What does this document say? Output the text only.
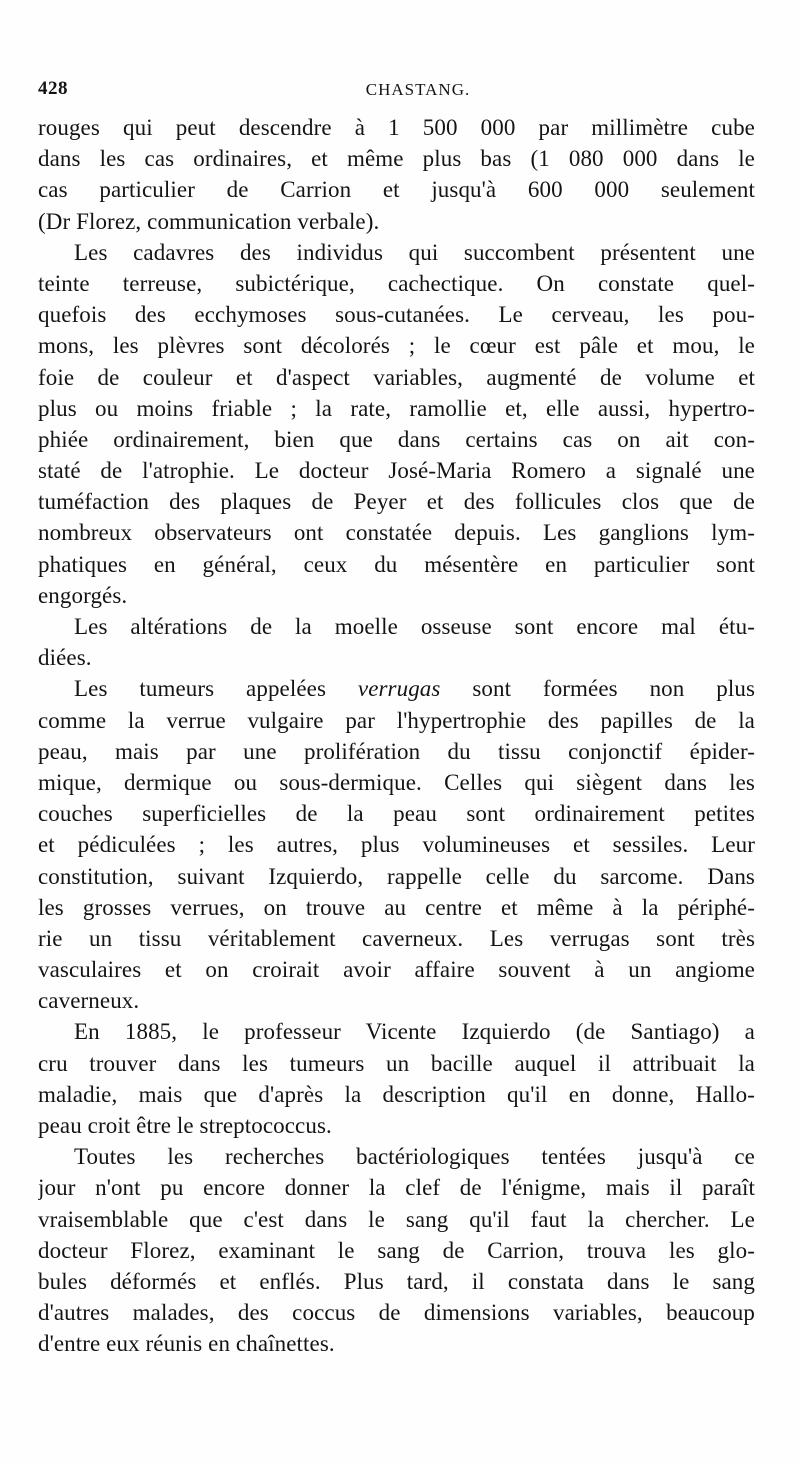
428	CHASTANG.
rouges qui peut descendre à 1 500 000 par millimètre cube
dans les cas ordinaires, et même plus bas (1 080 000 dans le
cas particulier de Carrion et jusqu'à 600 000 seulement
(Dr Florez, communication verbale).
Les cadavres des individus qui succombent présentent une
teinte terreuse, subictérique, cachectique. On constate quel-
quefois des ecchymoses sous-cutanées. Le cerveau, les pou-
mons, les plèvres sont décolorés ; le cœur est pâle et mou, le
foie de couleur et d'aspect variables, augmenté de volume et
plus ou moins friable ; la rate, ramollie et, elle aussi, hypertro-
phiée ordinairement, bien que dans certains cas on ait con-
staté de l'atrophie. Le docteur José-Maria Romero a signalé une
tuméfaction des plaques de Peyer et des follicules clos que de
nombreux observateurs ont constatée depuis. Les ganglions lym-
phatiques en général, ceux du mésentère en particulier sont
engorgés.
Les altérations de la moelle osseuse sont encore mal étu-
diées.
Les tumeurs appelées verrugas sont formées non plus
comme la verrue vulgaire par l'hypertrophie des papilles de la
peau, mais par une prolifération du tissu conjonctif épider-
mique, dermique ou sous-dermique. Celles qui siègent dans les
couches superficielles de la peau sont ordinairement petites
et pédiculées ; les autres, plus volumineuses et sessiles. Leur
constitution, suivant Izquierdo, rappelle celle du sarcome. Dans
les grosses verrues, on trouve au centre et même à la périphé-
rie un tissu véritablement caverneux. Les verrugas sont très
vasculaires et on croirait avoir affaire souvent à un angiome
caverneux.
En 1885, le professeur Vicente Izquierdo (de Santiago) a
cru trouver dans les tumeurs un bacille auquel il attribuait la
maladie, mais que d'après la description qu'il en donne, Hallo-
peau croit être le streptococcus.
Toutes les recherches bactériologiques tentées jusqu'à ce
jour n'ont pu encore donner la clef de l'énigme, mais il paraît
vraisemblable que c'est dans le sang qu'il faut la chercher. Le
docteur Florez, examinant le sang de Carrion, trouva les glo-
bules déformés et enflés. Plus tard, il constata dans le sang
d'autres malades, des coccus de dimensions variables, beaucoup
d'entre eux réunis en chaînettes.
